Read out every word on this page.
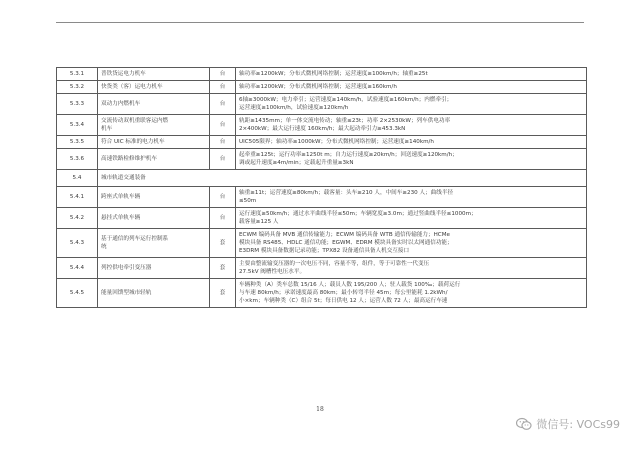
5.3.1	普铁货运电力机车	台	轴功率≥1200kW；分布式微机网络控制；运营速度≥100km/h；轴重≥25t
5.3.2	快货类（客）运电力机车	台	轴功率≥1200kW；分布式微机网络控制；运营速度≥160km/h
5.3.3	双动力内燃机车	台	6轴≥3000kW；电力牵引；运营速度≥140km/h，试验速度≥160km/h；内燃牵引；
运营速度≥100km/h，试验速度≥120km/h
5.3.4	交流传动双机重联客运内燃
机车	台	轨距≥1435mm；单一体交流电传动；轴重≤23t；功率 2×2530kW；列车供电功率
2×400kW；最大运行速度 160km/h；最大起动牵引力≥453.3kN
5.3.5	符合 UIC 标准的电力机车	台	UIC505限界；轴功率≥1000kW；分布式微机网络控制；运营速度≥140km/h
5.3.6	高速铁路检修维护机车	台	起牵重≥125t；运行功率≥1250t m；自力运行速度≥20km/h；回送速度≥120km/h；
调或起升速度≥4m/min；定载起升重量≥3kN
5.4	城市轨道交通装备		
5.4.1	跨座式单轨车辆	台	轴重≥11t；运营速度≥80km/h；载客量：头车≥210 人，中间车≥230 人；曲线半径
≤50m
5.4.2	悬挂式单轨车辆	台	运行速度≥50km/h；通过水平曲线半径≤50m；车辆宽度≥3.0m；通过竖曲线半径≤1000m；
载客量≥125 人
5.4.3	基于通信的列车运行控制系
统	套	ECWM 编码具备 MVB 通信传输能力；ECWM 编码具备 WTB 通信传输能力；HCMe
模块具备 RS485、HDLC 通信功能；EGWM、EDRM 模块具备实时以太网通信功能；
E3DRM 模块具备数据记录功能；TPX82 设备通信具备人机交互接口
5.4.4	列控供电牵引变压器	套	主要由整流输变压器的一次电压不同，容量不等，组件，等于可靠性一代变压
27.5kV 阀槽性电压水平。
5.4.5	能量回馈型城市轻轨	套	车辆种类（A）类车总数 15/16 人；载员人数 195/200 人；驻人载货 100‰；载荷运行
与车速 80km/h；承诺速度最高 80km；最小转弯半径 45m；每公里能耗 1.2kWh/
小×km；车辆种类（C）组合 5t；每日供电 12 人；运营人数 72 人；最高运行车速
18
微信号: VOCs99
